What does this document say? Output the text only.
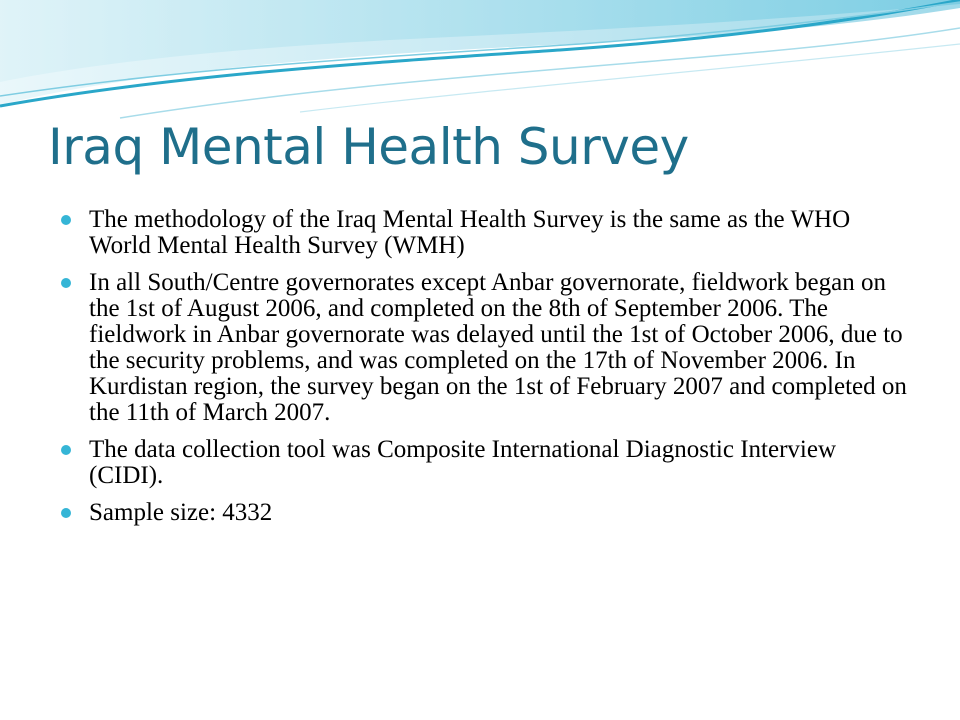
Iraq Mental Health Survey
The methodology of the Iraq Mental Health Survey is the same as the WHO World Mental Health Survey (WMH)
In all South/Centre governorates except Anbar governorate, fieldwork began on the 1st of August 2006, and completed on the 8th of September 2006. The fieldwork in Anbar governorate was delayed until the 1st of October 2006, due to the security problems, and was completed on the 17th of November 2006. In Kurdistan region, the survey began on the 1st of February 2007 and completed on the 11th of March 2007.
The data collection tool was Composite International Diagnostic Interview (CIDI).
Sample size: 4332
